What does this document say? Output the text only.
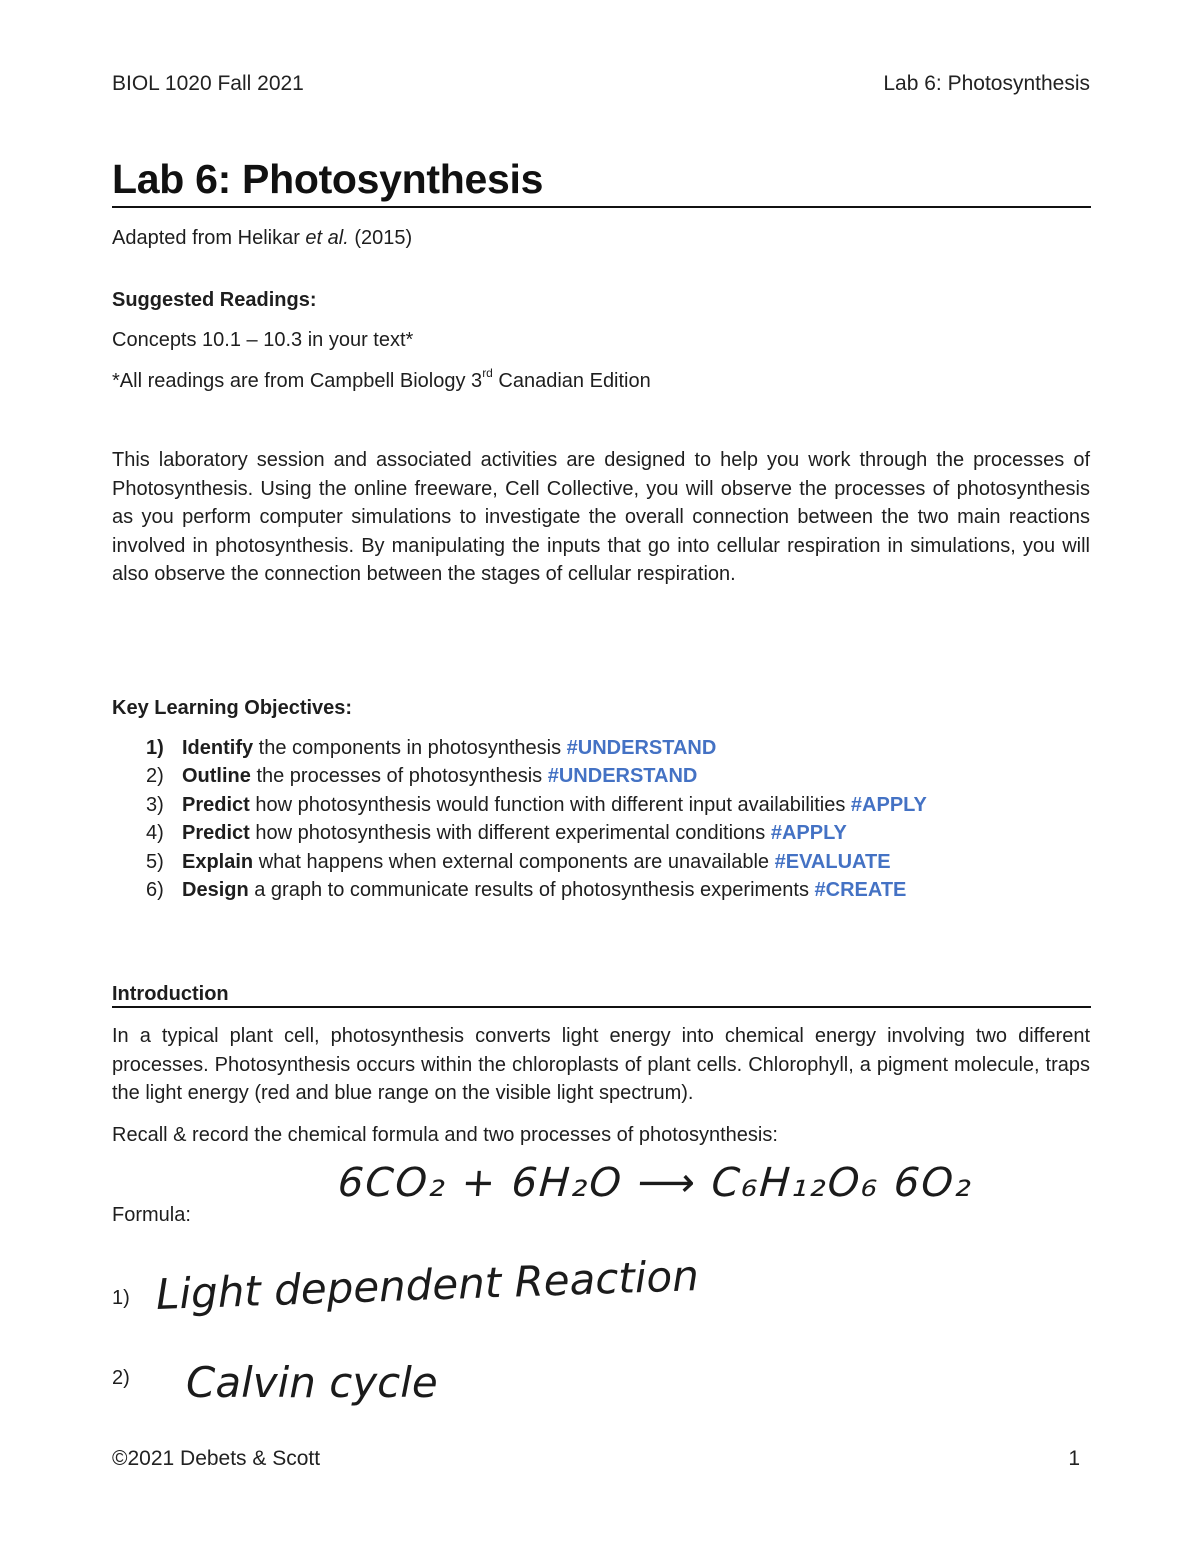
BIOL 1020 Fall 2021	Lab 6: Photosynthesis
Lab 6: Photosynthesis
Adapted from Helikar et al. (2015)
Suggested Readings:
Concepts 10.1 – 10.3 in your text*
*All readings are from Campbell Biology 3rd Canadian Edition
This laboratory session and associated activities are designed to help you work through the processes of Photosynthesis. Using the online freeware, Cell Collective, you will observe the processes of photosynthesis as you perform computer simulations to investigate the overall connection between the two main reactions involved in photosynthesis. By manipulating the inputs that go into cellular respiration in simulations, you will also observe the connection between the stages of cellular respiration.
Key Learning Objectives:
1) Identify the components in photosynthesis #UNDERSTAND
2) Outline the processes of photosynthesis #UNDERSTAND
3) Predict how photosynthesis would function with different input availabilities #APPLY
4) Predict how photosynthesis with different experimental conditions #APPLY
5) Explain what happens when external components are unavailable #EVALUATE
6) Design a graph to communicate results of photosynthesis experiments #CREATE
Introduction
In a typical plant cell, photosynthesis converts light energy into chemical energy involving two different processes. Photosynthesis occurs within the chloroplasts of plant cells. Chlorophyll, a pigment molecule, traps the light energy (red and blue range on the visible light spectrum).
Recall & record the chemical formula and two processes of photosynthesis:
Formula:
6CO₂ + 6H₂O ⟶ C₆H₁₂O₆ 6O₂
1) Light dependent Reaction
2) Calvin cycle
©2021 Debets & Scott	1
